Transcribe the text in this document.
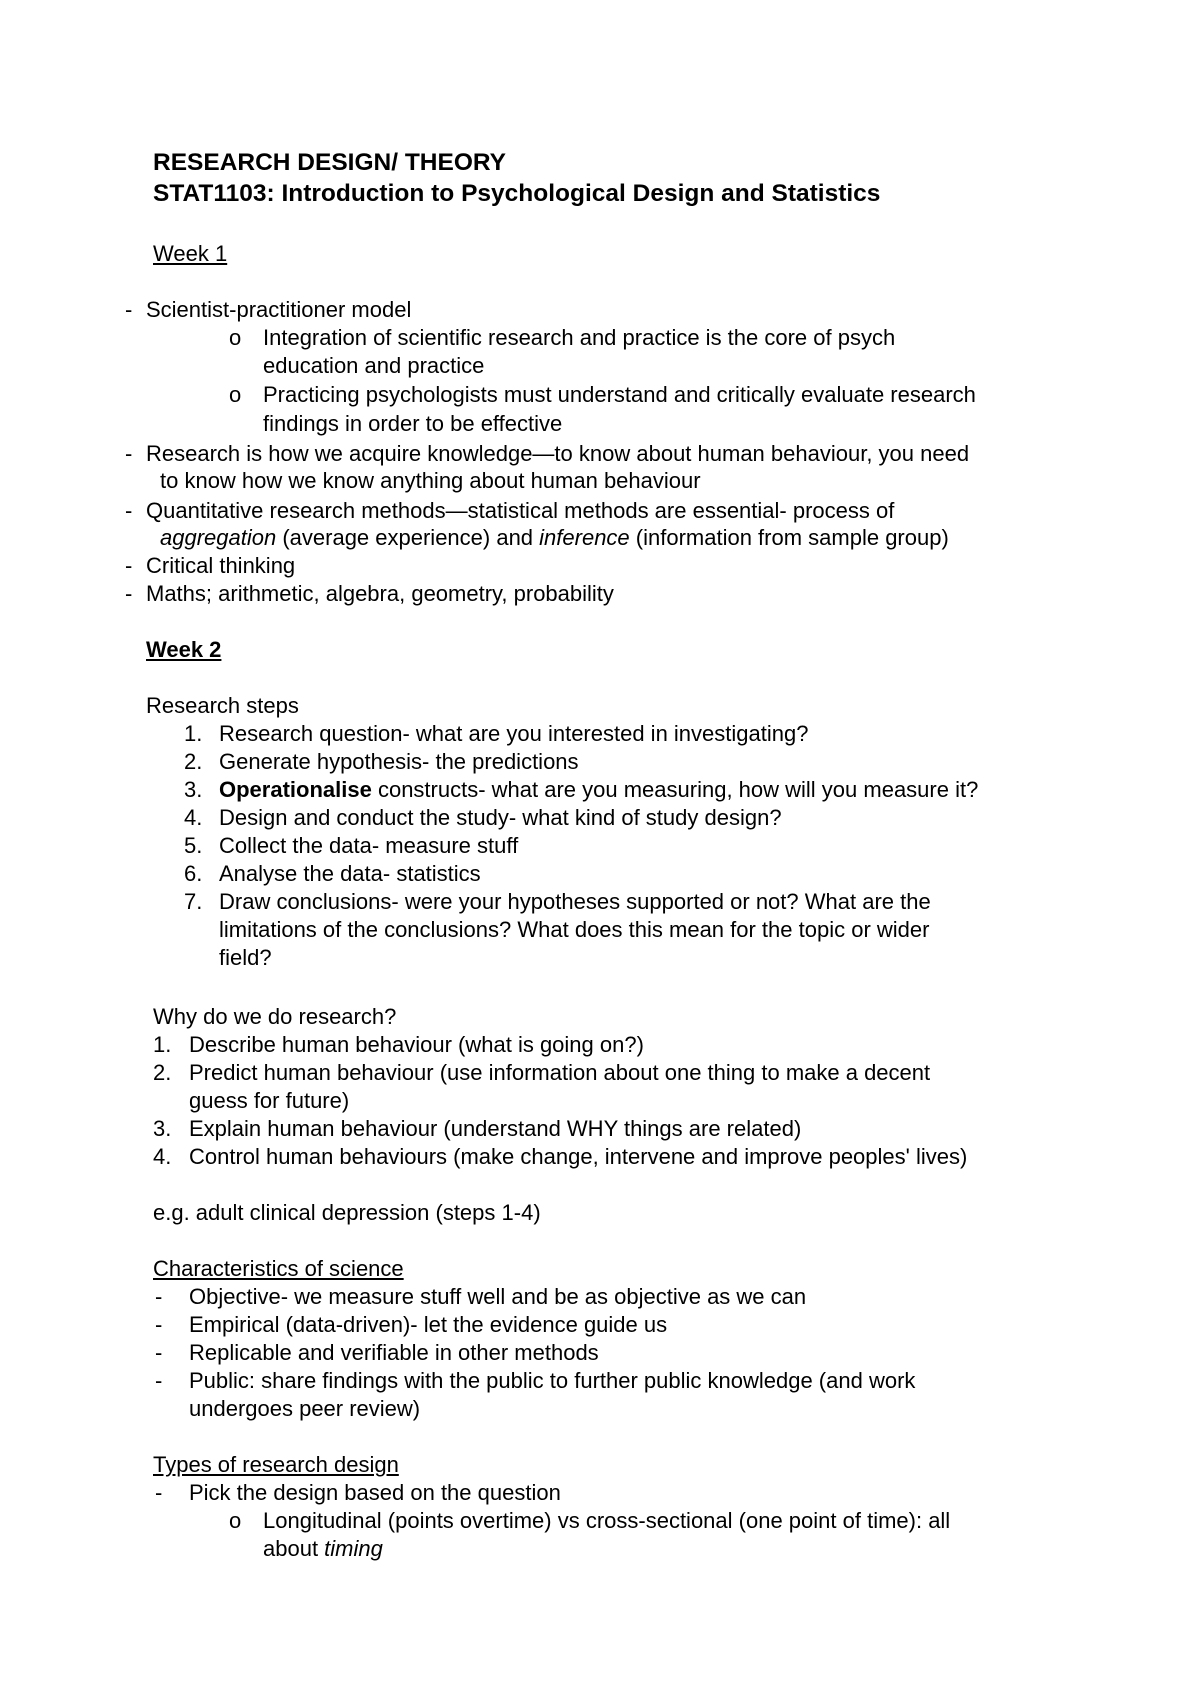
RESEARCH DESIGN/ THEORY
STAT1103: Introduction to Psychological Design and Statistics
Week 1
- Scientist-practitioner model
o Integration of scientific research and practice is the core of psych
education and practice
o Practicing psychologists must understand and critically evaluate research
findings in order to be effective
- Research is how we acquire knowledge—to know about human behaviour, you need
to know how we know anything about human behaviour
- Quantitative research methods—statistical methods are essential- process of
aggregation (average experience) and inference (information from sample group)
- Critical thinking
- Maths; arithmetic, algebra, geometry, probability
Week 2
Research steps
1. Research question- what are you interested in investigating?
2. Generate hypothesis- the predictions
3. Operationalise constructs- what are you measuring, how will you measure it?
4. Design and conduct the study- what kind of study design?
5. Collect the data- measure stuff
6. Analyse the data- statistics
7. Draw conclusions- were your hypotheses supported or not? What are the
limitations of the conclusions? What does this mean for the topic or wider
field?
Why do we do research?
1. Describe human behaviour (what is going on?)
2. Predict human behaviour (use information about one thing to make a decent
guess for future)
3. Explain human behaviour (understand WHY things are related)
4. Control human behaviours (make change, intervene and improve peoples' lives)
e.g. adult clinical depression (steps 1-4)
Characteristics of science
- Objective- we measure stuff well and be as objective as we can
- Empirical (data-driven)- let the evidence guide us
- Replicable and verifiable in other methods
- Public: share findings with the public to further public knowledge (and work
undergoes peer review)
Types of research design
- Pick the design based on the question
o Longitudinal (points overtime) vs cross-sectional (one point of time): all
about timing
